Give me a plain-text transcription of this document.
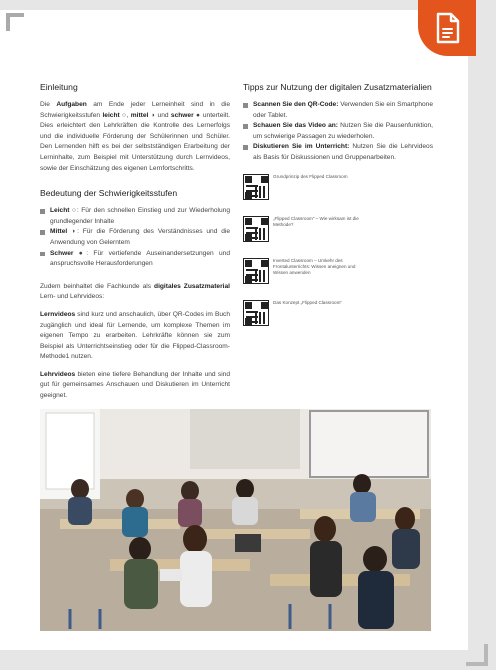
Einleitung

Die Aufgaben am Ende jeder Lerneinheit sind in die Schwierigkeitsstufen leicht ○, mittel ◑ und schwer ● unterteilt. Dies erleichtert den Lehrkräften die Kontrolle des Lernerfolgs und die individuelle Förderung der Schülerinnen und Schüler. Den Lernenden hilft es bei der selbstständigen Erarbeitung der Lerninhalte, zum Beispiel mit Unterstützung durch Lernvideos, sowie der Einschätzung des eigenen Lernfortschritts.

Bedeutung der Schwierigkeitsstufen
Leicht ○: Für den schnellen Einstieg und zur Wiederholung grundlegender Inhalte
Mittel ◑: Für die Förderung des Verständnisses und die Anwendung von Gelerntem
Schwer ●: Für vertiefende Auseinandersetzungen und anspruchsvolle Herausforderungen

Zudem beinhaltet die Fachkunde als digitales Zusatzmaterial Lern- und Lehrvideos:

Lernvideos sind kurz und anschaulich, über QR-Codes im Buch zugänglich und ideal für Lernende, um komplexe Themen im eigenen Tempo zu erarbeiten. Lehrkräfte können sie zum Beispiel als Unterrichtseinstieg oder für die Flipped-Classroom-Methode1 nutzen.

Lehrvideos bieten eine tiefere Behandlung der Inhalte und sind gut für gemeinsames Anschauen und Diskutieren im Unterricht geeignet.

Tipps zur Nutzung der digitalen Zusatzmaterialien
Scannen Sie den QR-Code: Verwenden Sie ein Smartphone oder Tablet.
Schauen Sie das Video an: Nutzen Sie die Pausenfunktion, um schwierige Passagen zu wiederholen.
Diskutieren Sie im Unterricht: Nutzen Sie die Lehrvideos als Basis für Diskussionen und Gruppenarbeiten.
Grundprinzip des Flipped Classroom
„Flipped Classroom“ – Wie wirksam ist die Methode?
Inverted Classroom – Umkehr des Frontalunterrichts: Wissen aneignen und Wissen anwenden
Das Konzept „Flipped Classroom“
